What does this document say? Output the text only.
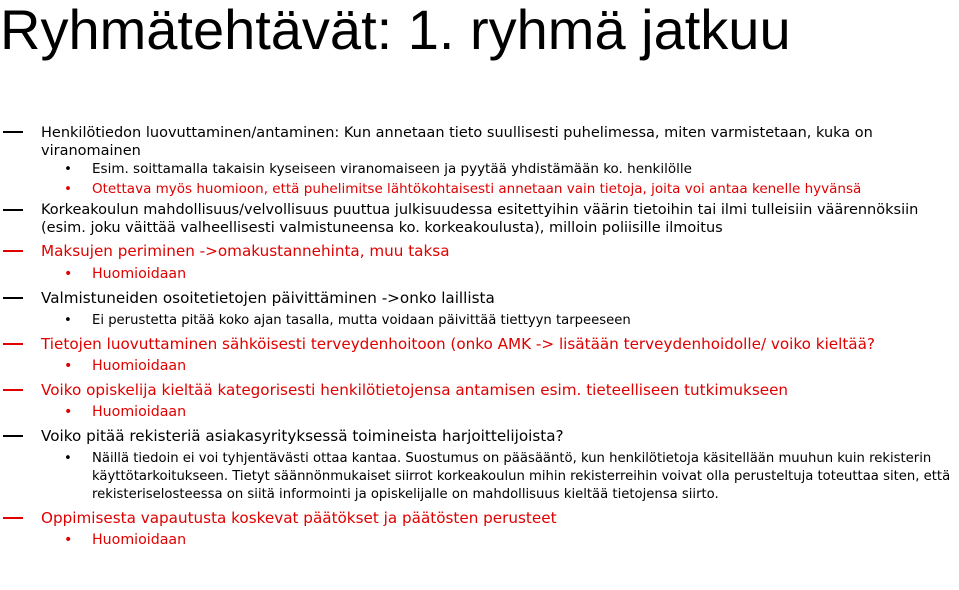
Ryhmätehtävät: 1. ryhmä jatkuu
Henkilötiedon luovuttaminen/antaminen: Kun annetaan tieto suullisesti puhelimessa, miten varmistetaan, kuka on viranomainen
• Esim. soittamalla takaisin kyseiseen viranomaiseen ja pyytää yhdistämään ko. henkilölle
• Otettava myös huomioon, että puhelimitse lähtökohtaisesti annetaan vain tietoja, joita voi antaa kenelle hyvänsä
Korkeakoulun mahdollisuus/velvollisuus puuttua julkisuudessa esitettyihin väärin tietoihin tai ilmi tulleisiin väärennöksiin (esim. joku väittää valheellisesti valmistuneensa ko. korkeakoulusta), milloin poliisille ilmoitus
Maksujen periminen ->omakustannehinta, muu taksa
• Huomioidaan
Valmistuneiden osoitetietojen päivittäminen ->onko laillista
• Ei perustetta pitää koko ajan tasalla, mutta voidaan päivittää tiettyyn tarpeeseen
Tietojen luovuttaminen sähköisesti terveydenhoitoon (onko AMK -> lisätään terveydenhoidolle/ voiko kieltää?
• Huomioidaan
Voiko opiskelija kieltää kategorisesti henkilötietojensa antamisen esim. tieteelliseen tutkimukseen
• Huomioidaan
Voiko pitää rekisteriä asiakasyrityksessä toimineista harjoittelijoista?
• Näillä tiedoin ei voi tyhjentävästi ottaa kantaa. Suostumus on pääsääntö, kun henkilötietoja käsitellään muuhun kuin rekisterin käyttötarkoitukseen. Tietyt säännönmukaiset siirrot korkeakoulun mihin rekisterreihin voivat olla perusteltuja toteuttaa siten, että rekisteriselosteessa on siitä informointi ja opiskelijalle on mahdollisuus kieltää tietojensa siirto.
Oppimisesta vapautusta koskevat päätökset ja päätösten perusteet
• Huomioidaan
